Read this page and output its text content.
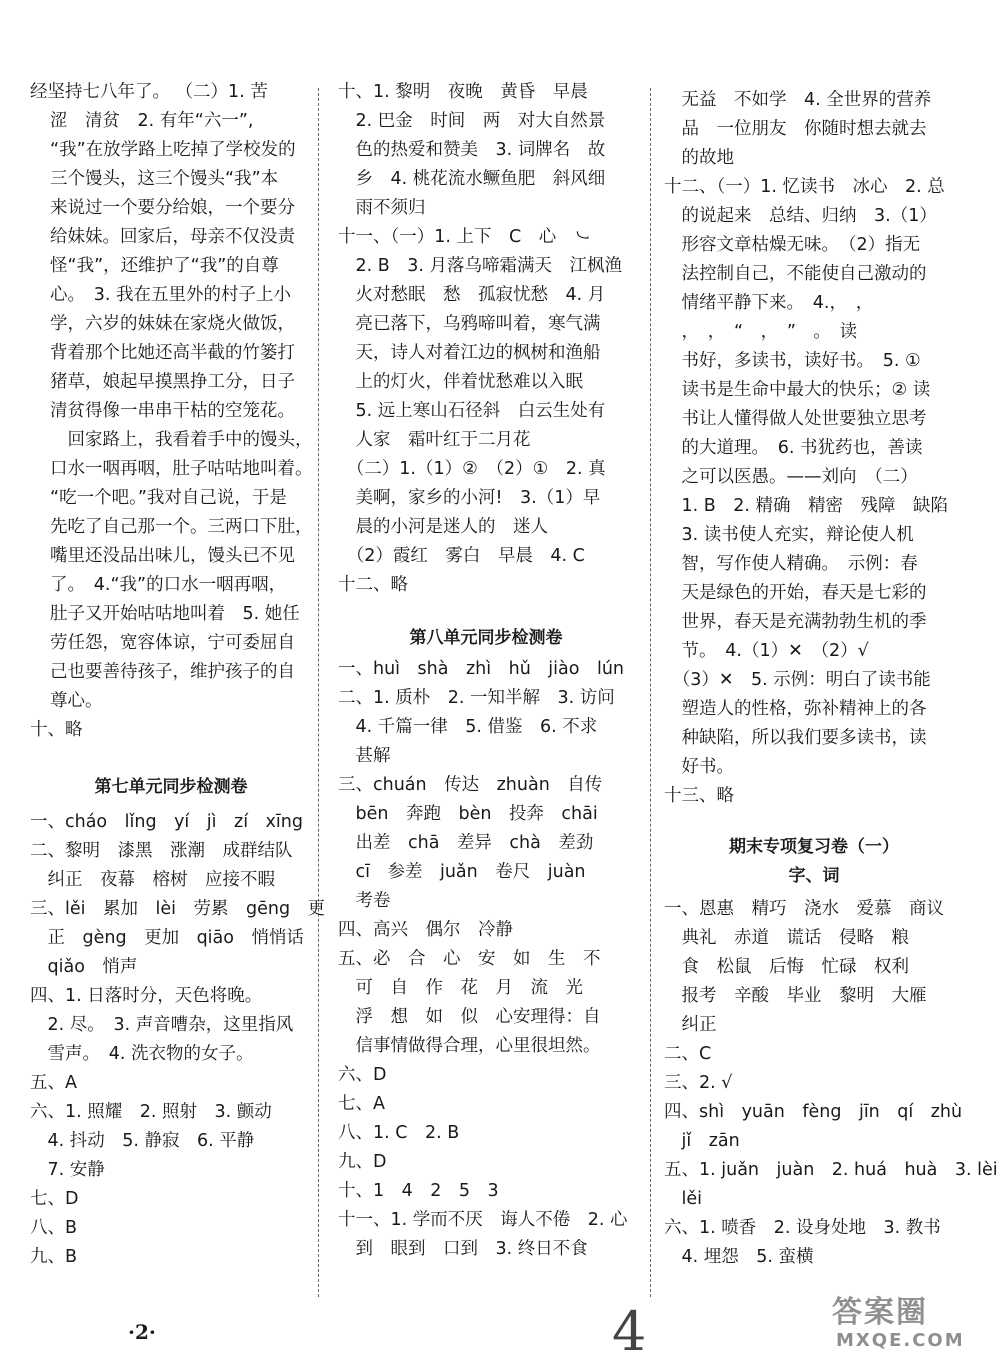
经坚持七八年了。 （二）1. 苦
涩　清贫　2. 有年“六一”,
“我”在放学路上吃掉了学校发的
三个馒头，这三个馒头“我”本
来说过一个要分给娘，一个要分
给妹妹。回家后，母亲不仅没责
怪“我”，还维护了“我”的自尊
心。　3. 我在五里外的村子上小
学，六岁的妹妹在家烧火做饭，
背着那个比她还高半截的竹篓打
猪草，娘起早摸黑挣工分，日子
清贫得像一串串干枯的空笼花。
　回家路上，我看着手中的馒头，
口水一咽再咽，肚子咕咕地叫着。
“吃一个吧。”我对自己说，于是
先吃了自己那一个。三两口下肚，
嘴里还没品出味儿，馒头已不见
了。　4.“我”的口水一咽再咽，
肚子又开始咕咕地叫着　5. 她任
劳任怨，宽容体谅，宁可委屈自
己也要善待孩子，维护孩子的自
尊心。
十、略
第七单元同步检测卷
一、cháo　lǐng　yí　jì　zí　xīng
二、黎明　漆黑　涨潮　成群结队
　纠正　夜幕　榕树　应接不暇
三、lěi　累加　lèi　劳累　gēng　更
　正　gèng　更加　qiāo　悄悄话
　qiǎo　悄声
四、1. 日落时分，天色将晚。
　2. 尽。　3. 声音嘈杂，这里指风
　雪声。　4. 洗衣物的女子。
五、A
六、1. 照耀　2. 照射　3. 颤动
　4. 抖动　5. 静寂　6. 平静
　7. 安静
七、D
八、B
九、B
十、1. 黎明　夜晚　黄昏　早晨
　2. 巴金　时间　两　对大自然景
　色的热爱和赞美　3. 词牌名　故
　乡　4. 桃花流水鳜鱼肥　斜风细
　雨不须归
十一、（一）1. 上下　C　心　㇃
　2. B　3. 月落乌啼霜满天　江枫渔
　火对愁眠　愁　孤寂忧愁　4. 月
　亮已落下，乌鸦啼叫着，寒气满
　天，诗人对着江边的枫树和渔船
　上的灯火，伴着忧愁难以入眠
　5. 远上寒山石径斜　白云生处有
　人家　霜叶红于二月花
　（二）1.（1）②　（2）①　2. 真
　美啊，家乡的小河!　3.（1）早
　晨的小河是迷人的　迷人
　（2）霞红　雾白　早晨　4. C
十二、略
第八单元同步检测卷
一、huì　shà　zhì　hǔ　jiào　lún
二、1. 质朴　2. 一知半解　3. 访问
　4. 千篇一律　5. 借鉴　6. 不求
　甚解
三、chuán　传达　zhuàn　自传
　bēn　奔跑　bèn　投奔　chāi
　出差　chā　差异　chà　差劲
　cī　参差　juǎn　卷尺　juàn
　考卷
四、高兴　偶尔　冷静
五、必　合　心　安　如　生　不
　可　自　作　花　月　流　光
　浮　想　如　似　心安理得：自
　信事情做得合理，心里很坦然。
六、D
七、A
八、1. C　2. B
九、D
十、1　4　2　5　3
十一、1. 学而不厌　诲人不倦　2. 心
　到　眼到　口到　3. 终日不食
　无益　不如学　4. 全世界的营养
　品　一位朋友　你随时想去就去
　的故地
十二、（一）1. 忆读书　冰心　2. 总
　的说起来　总结、归纳　3.（1）
　形容文章枯燥无味。　（2）指无
　法控制自己，不能使自己激动的
　情绪平静下来。　4.，　，
　，　，　“　，　”　。　读
　书好，多读书，读好书。　5. ①
　读书是生命中最大的快乐；② 读
　书让人懂得做人处世要独立思考
　的大道理。　6. 书犹药也，善读
　之可以医愚。——刘向　（二）
　1. B　2. 精确　精密　残障　缺陷
　3. 读书使人充实，辩论使人机
　智，写作使人精确。　示例：春
　天是绿色的开始，春天是七彩的
　世界，春天是充满勃勃生机的季
　节。　4.（1）✕　（2）√
　（3）✕　5. 示例：明白了读书能
　塑造人的性格，弥补精神上的各
　种缺陷，所以我们要多读书，读
　好书。
十三、略
期末专项复习卷（一）
字、词
一、恩惠　精巧　浇水　爱慕　商议
　典礼　赤道　谎话　侵略　粮
　食　松鼠　后悔　忙碌　权利
　报考　辛酸　毕业　黎明　大雁
　纠正
二、C
三、2. √
四、shì　yuān　fèng　jīn　qí　zhù
　jǐ　zān
五、1. juǎn　juàn　2. huá　huà　3. lèi
　lěi
六、1. 喷香　2. 设身处地　3. 教书
　4. 埋怨　5. 蛮横
·2·	4	答案圈
MXQE.COM
